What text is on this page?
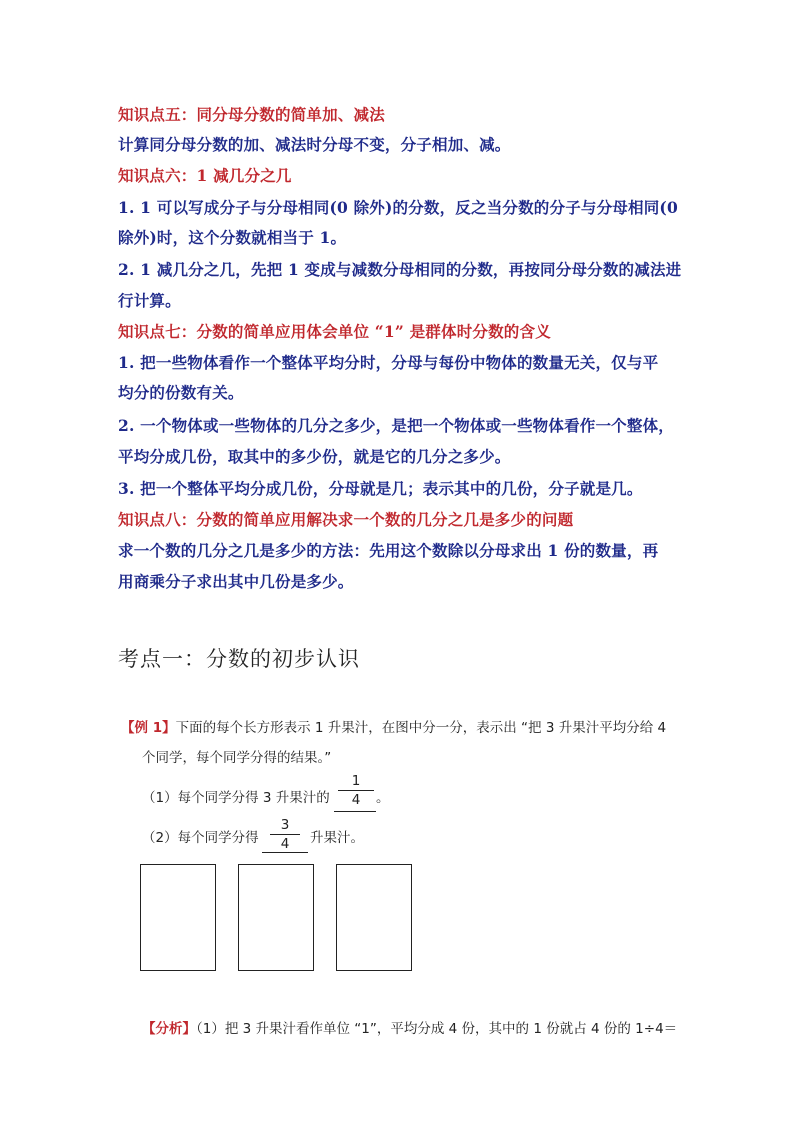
知识点五：同分母分数的简单加、减法
计算同分母分数的加、减法时分母不变，分子相加、减。
知识点六：1 减几分之几
1. 1 可以写成分子与分母相同(0 除外)的分数，反之当分数的分子与分母相同(0
除外)时，这个分数就相当于 1。
2. 1 减几分之几，先把 1 变成与减数分母相同的分数，再按同分母分数的减法进
行计算。
知识点七：分数的简单应用体会单位 “1” 是群体时分数的含义
1. 把一些物体看作一个整体平均分时，分母与每份中物体的数量无关，仅与平
均分的份数有关。
2. 一个物体或一些物体的几分之多少，是把一个物体或一些物体看作一个整体，
平均分成几份，取其中的多少份，就是它的几分之多少。
3. 把一个整体平均分成几份，分母就是几；表示其中的几份，分子就是几。
知识点八：分数的简单应用解决求一个数的几分之几是多少的问题
求一个数的几分之几是多少的方法：先用这个数除以分母求出 1 份的数量，再
用商乘分子求出其中几份是多少。
考点一：分数的初步认识
【例 1】下面的每个长方形表示 1 升果汁，在图中分一分，表示出 “把 3 升果汁平均分给 4
个同学，每个同学分得的结果。”
（1）每个同学分得 3 升果汁的
1
4	。
（2）每个同学分得
3
4	升果汁。
【分析】（1）把 3 升果汁看作单位 “1”，平均分成 4 份，其中的 1 份就占 4 份的 1÷4＝
